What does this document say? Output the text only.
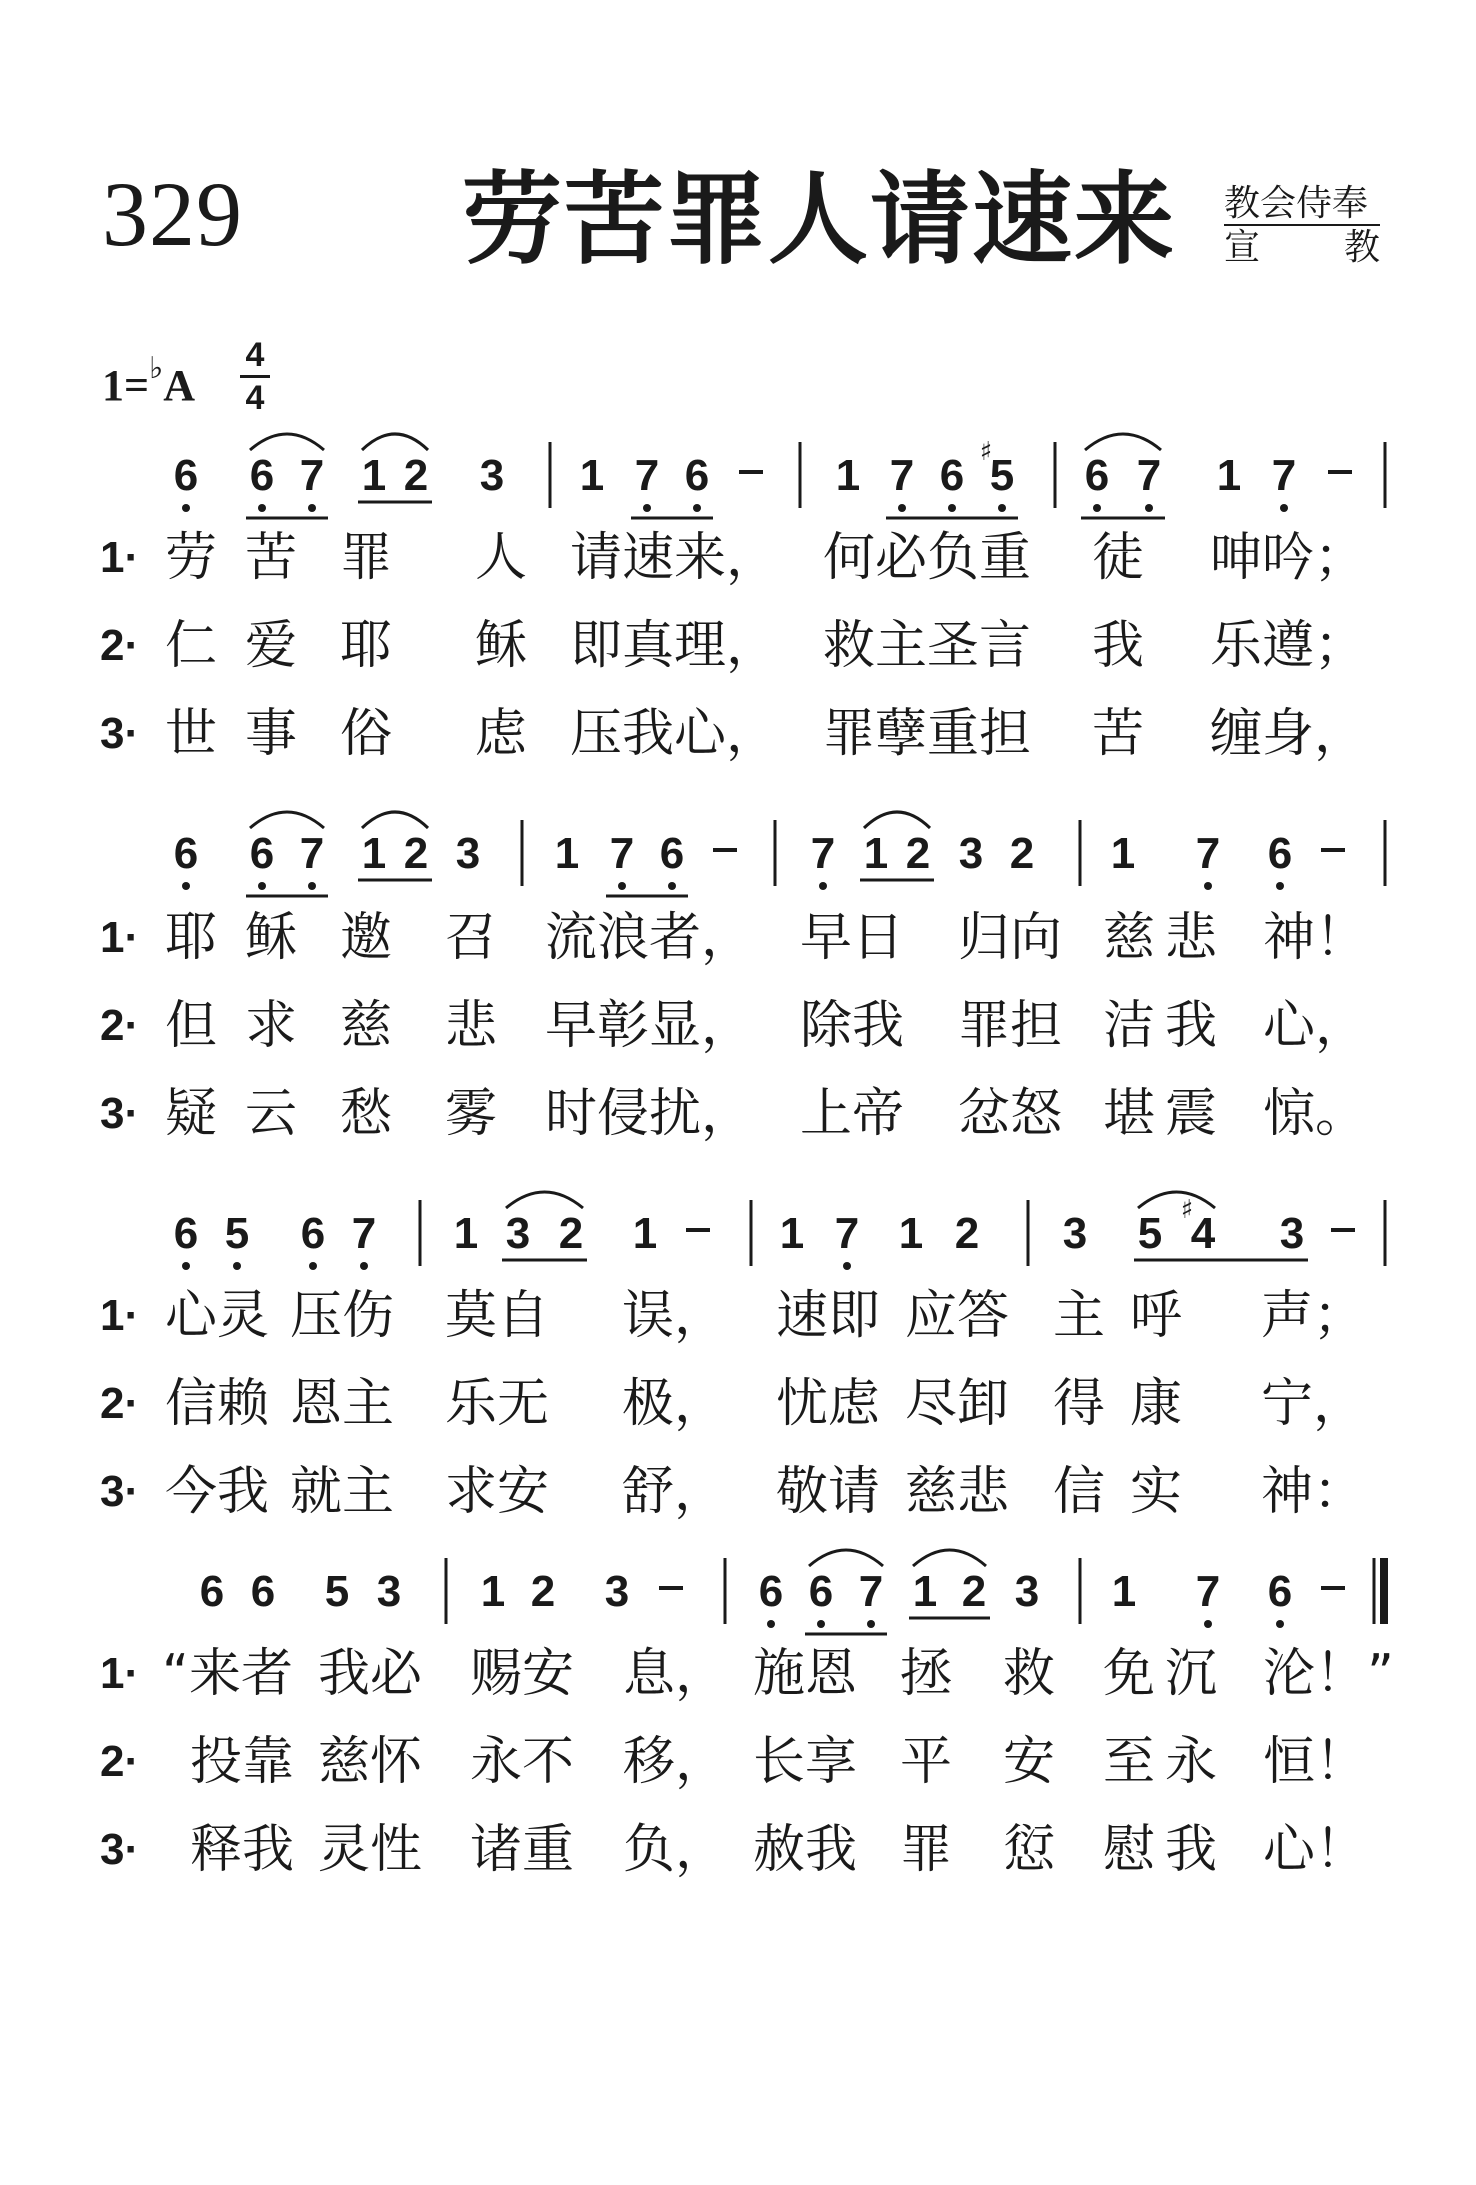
329 劳苦罪人请速来 教会侍奉
宣 教
1=♭A
4
4
6 6 7 1 2 3 1 7 6	1 7 6 5
♯ 6 7 1 7
6 6 7 1 2 3 1 7 6	7 1 2 3 2 1 7 6
6 5 6 7 1 3 2 1	1 7 1 2 3 5 4
♯ 3
6 6 5 3 1 2 3	6 6 7 1 2 3 1 7 6
1· 劳 苦 罪 人 请速来， 何必负重 徒 呻吟；
2· 仁 爱 耶 稣 即真理， 救主圣言 我 乐遵；
3· 世 事 俗 虑 压我心， 罪孽重担 苦 缠身，
1· 耶 稣 邀 召 流浪者， 早日 归向 慈 悲 神！
2· 但 求 慈 悲 早彰显， 除我 罪担 洁 我 心，
3· 疑 云 愁 雾 时侵扰， 上帝 忿怒 堪 震 惊。
1· 心灵 压伤 莫自 误， 速即 应答 主 呼 声；
2· 信赖 恩主 乐无 极， 忧虑 尽卸 得 康 宁，
3· 今我 就主 求安 舒， 敬请 慈悲 信 实 神：
1· “来者 我必 赐安 息， 施恩 拯 救 免 沉 沦！”
2· 投靠 慈怀 永不 移， 长享 平 安 至 永 恒！
3· 释我 灵性 诸重 负， 赦我 罪 愆 慰 我 心！
